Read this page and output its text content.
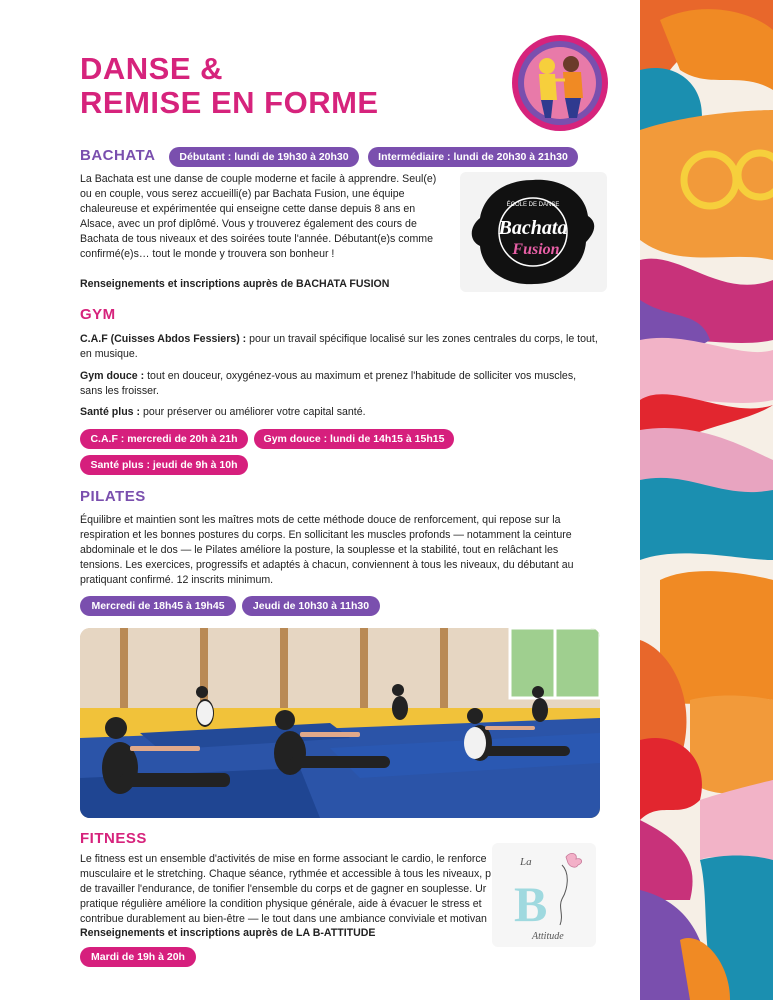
DANSE &
REMISE EN FORME
BACHATA	Débutant : lundi de 19h30 à 20h30	Intermédiaire : lundi de 20h30 à 21h30

La Bachata est une danse de couple moderne et facile à apprendre. Seul(e)

ou en couple, vous serez accueilli(e) par Bachata Fusion, une équipe

chaleureuse et expérimentée qui enseigne cette danse depuis 8 ans en

Alsace, avec un prof diplômé. Vous y trouverez également des cours de

Bachata de tous niveaux et des soirées toute l'année. Débutant(e)s comme

confirmé(e)s… tout le monde y trouvera son bonheur !

Renseignements et inscriptions auprès de BACHATA FUSION

ÉCOLE DE DANSE
Bachata
Fusion
GYM

C.A.F (Cuisses Abdos Fessiers) : pour un travail spécifique localisé sur les zones centrales du corps, le tout,

en musique.

Gym douce : tout en douceur, oxygénez-vous au maximum et prenez l'habitude de solliciter vos muscles,

sans les froisser.

Santé plus : pour préserver ou améliorer votre capital santé.

C.A.F : mercredi de 20h à 21h	Gym douce : lundi de 14h15 à 15h15
Santé plus : jeudi de 9h à 10h
PILATES

Équilibre et maintien sont les maîtres mots de cette méthode douce de renforcement, qui repose sur la

respiration et les bonnes postures du corps. En sollicitant les muscles profonds — notamment la ceinture

abdominale et le dos — le Pilates améliore la posture, la souplesse et la stabilité, tout en relâchant les

tensions. Les exercices, progressifs et adaptés à chacun, conviennent à tous les niveaux, du débutant au

pratiquant confirmé. 12 inscrits minimum.

Mercredi de 18h45 à 19h45	Jeudi de 10h30 à 11h30
FITNESS

Le fitness est un ensemble d'activités de mise en forme associant le cardio, le renforce

musculaire et le stretching. Chaque séance, rythmée et accessible à tous les niveaux, p

de travailler l'endurance, de tonifier l'ensemble du corps et de gagner en souplesse. Ur

pratique régulière améliore la condition physique générale, aide à évacuer le stress et

contribue durablement au bien-être — le tout dans une ambiance conviviale et motivan

Renseignements et inscriptions auprès de LA B-ATTITUDE

Mardi de 19h à 20h
La
B
Attitude
